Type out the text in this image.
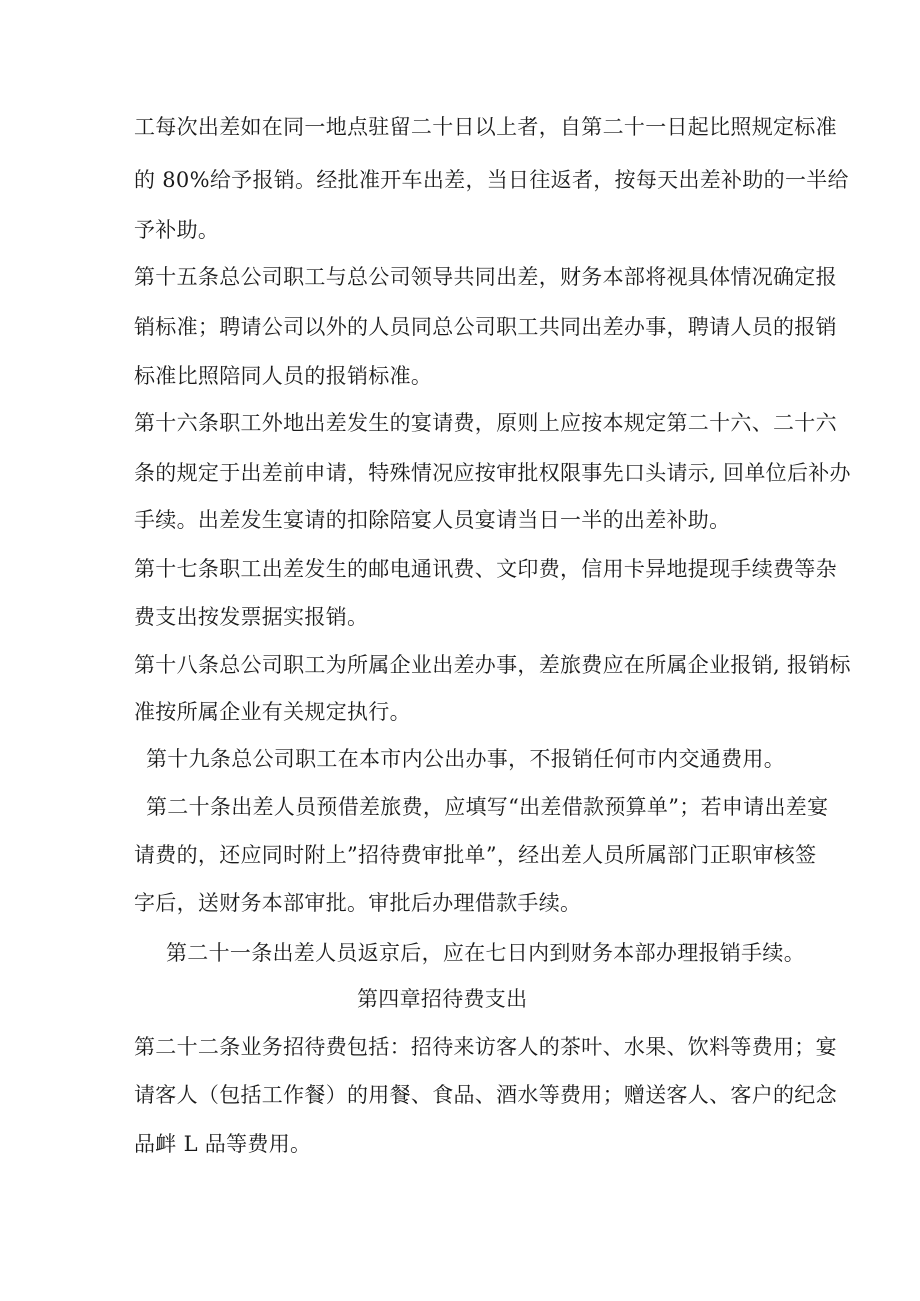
工每次出差如在同一地点驻留二十日以上者，自第二十一日起比照规定标准
的 80%给予报销。经批准开车出差，当日往返者，按每天出差补助的一半给
予补助。
第十五条总公司职工与总公司领导共同出差，财务本部将视具体情况确定报
销标准；聘请公司以外的人员同总公司职工共同出差办事，聘请人员的报销
标准比照陪同人员的报销标准。
第十六条职工外地出差发生的宴请费，原则上应按本规定第二十六、二十六
条的规定于出差前申请，特殊情况应按审批权限事先口头请示, 回单位后补办
手续。出差发生宴请的扣除陪宴人员宴请当日一半的出差补助。
第十七条职工出差发生的邮电通讯费、文印费，信用卡异地提现手续费等杂
费支出按发票据实报销。
第十八条总公司职工为所属企业出差办事，差旅费应在所属企业报销, 报销标
准按所属企业有关规定执行。
第十九条总公司职工在本市内公出办事，不报销任何市内交通费用。
第二十条出差人员预借差旅费，应填写“出差借款预算单”；若申请出差宴
请费的，还应同时附上”招待费审批单”，经出差人员所属部门正职审核签
字后，送财务本部审批。审批后办理借款手续。
第二十一条出差人员返京后，应在七日内到财务本部办理报销手续。
第四章招待费支出
第二十二条业务招待费包括：招待来访客人的茶叶、水果、饮料等费用；宴
请客人（包括工作餐）的用餐、食品、酒水等费用；赠送客人、客户的纪念
品衅 L 品等费用。
